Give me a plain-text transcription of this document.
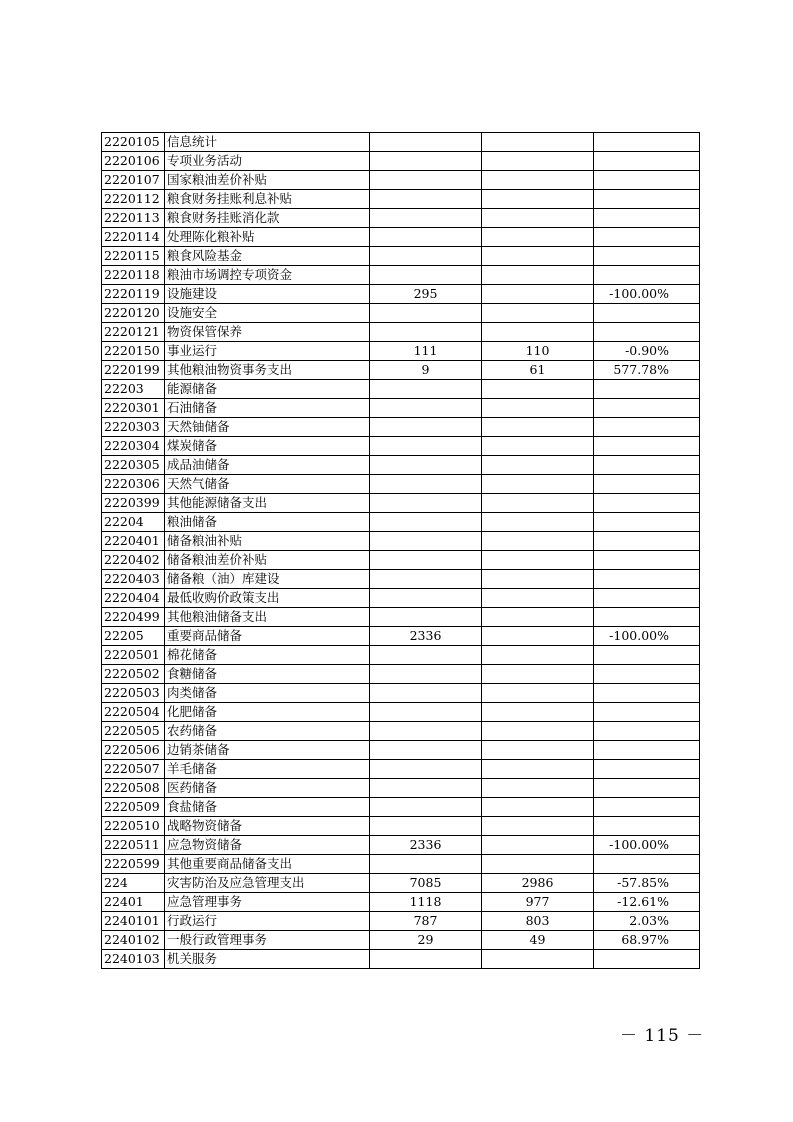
2220105	信息统计			
2220106	专项业务活动			
2220107	国家粮油差价补贴			
2220112	粮食财务挂账利息补贴			
2220113	粮食财务挂账消化款			
2220114	处理陈化粮补贴			
2220115	粮食风险基金			
2220118	粮油市场调控专项资金			
2220119	设施建设	295		-100.00%
2220120	设施安全			
2220121	物资保管保养			
2220150	事业运行	111	110	-0.90%
2220199	其他粮油物资事务支出	9	61	577.78%
22203	能源储备			
2220301	石油储备			
2220303	天然铀储备			
2220304	煤炭储备			
2220305	成品油储备			
2220306	天然气储备			
2220399	其他能源储备支出			
22204	粮油储备			
2220401	储备粮油补贴			
2220402	储备粮油差价补贴			
2220403	储备粮（油）库建设			
2220404	最低收购价政策支出			
2220499	其他粮油储备支出			
22205	重要商品储备	2336		-100.00%
2220501	棉花储备			
2220502	食糖储备			
2220503	肉类储备			
2220504	化肥储备			
2220505	农药储备			
2220506	边销茶储备			
2220507	羊毛储备			
2220508	医药储备			
2220509	食盐储备			
2220510	战略物资储备			
2220511	应急物资储备	2336		-100.00%
2220599	其他重要商品储备支出			
224	灾害防治及应急管理支出	7085	2986	-57.85%
22401	应急管理事务	1118	977	-12.61%
2240101	行政运行	787	803	2.03%
2240102	一般行政管理事务	29	49	68.97%
2240103	机关服务			
－ 115 －
